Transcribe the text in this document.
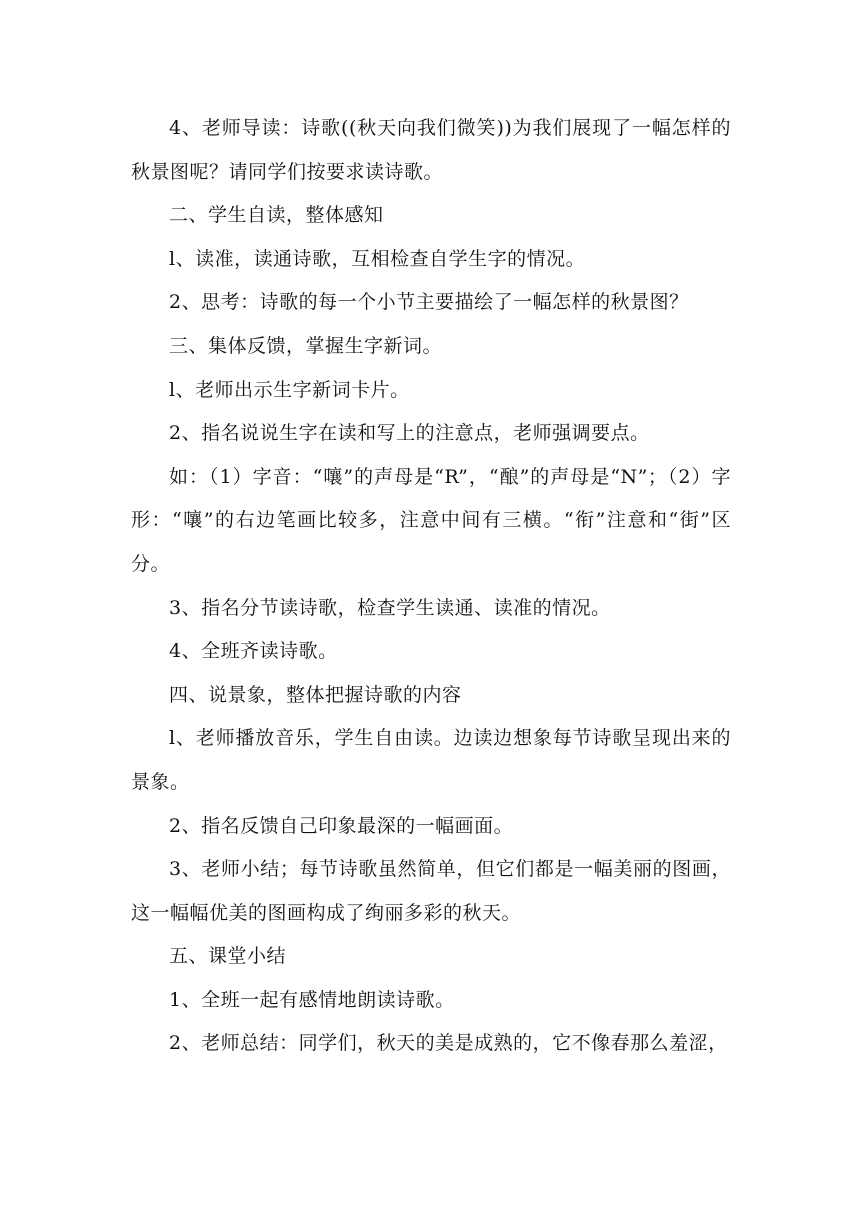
4、老师导读：诗歌((秋天向我们微笑))为我们展现了一幅怎样的秋景图呢？请同学们按要求读诗歌。

二、学生自读，整体感知

l、读准，读通诗歌，互相检查自学生字的情况。

2、思考：诗歌的每一个小节主要描绘了一幅怎样的秋景图？

三、集体反馈，掌握生字新词。

l、老师出示生字新词卡片。

2、指名说说生字在读和写上的注意点，老师强调要点。

如：（1）字音：“嚷”的声母是“R”，“酿”的声母是“N”；（2）字形：“嚷”的右边笔画比较多，注意中间有三横。“衔”注意和“街”区 分。

3、指名分节读诗歌，检查学生读通、读准的情况。

4、全班齐读诗歌。

四、说景象，整体把握诗歌的内容

l、老师播放音乐，学生自由读。边读边想象每节诗歌呈现出来的景象。

2、指名反馈自己印象最深的一幅画面。

3、老师小结；每节诗歌虽然简单，但它们都是一幅美丽的图画，这一幅幅优美的图画构成了绚丽多彩的秋天。

五、课堂小结

1、全班一起有感情地朗读诗歌。

2、老师总结：同学们，秋天的美是成熟的，它不像春那么羞涩，
